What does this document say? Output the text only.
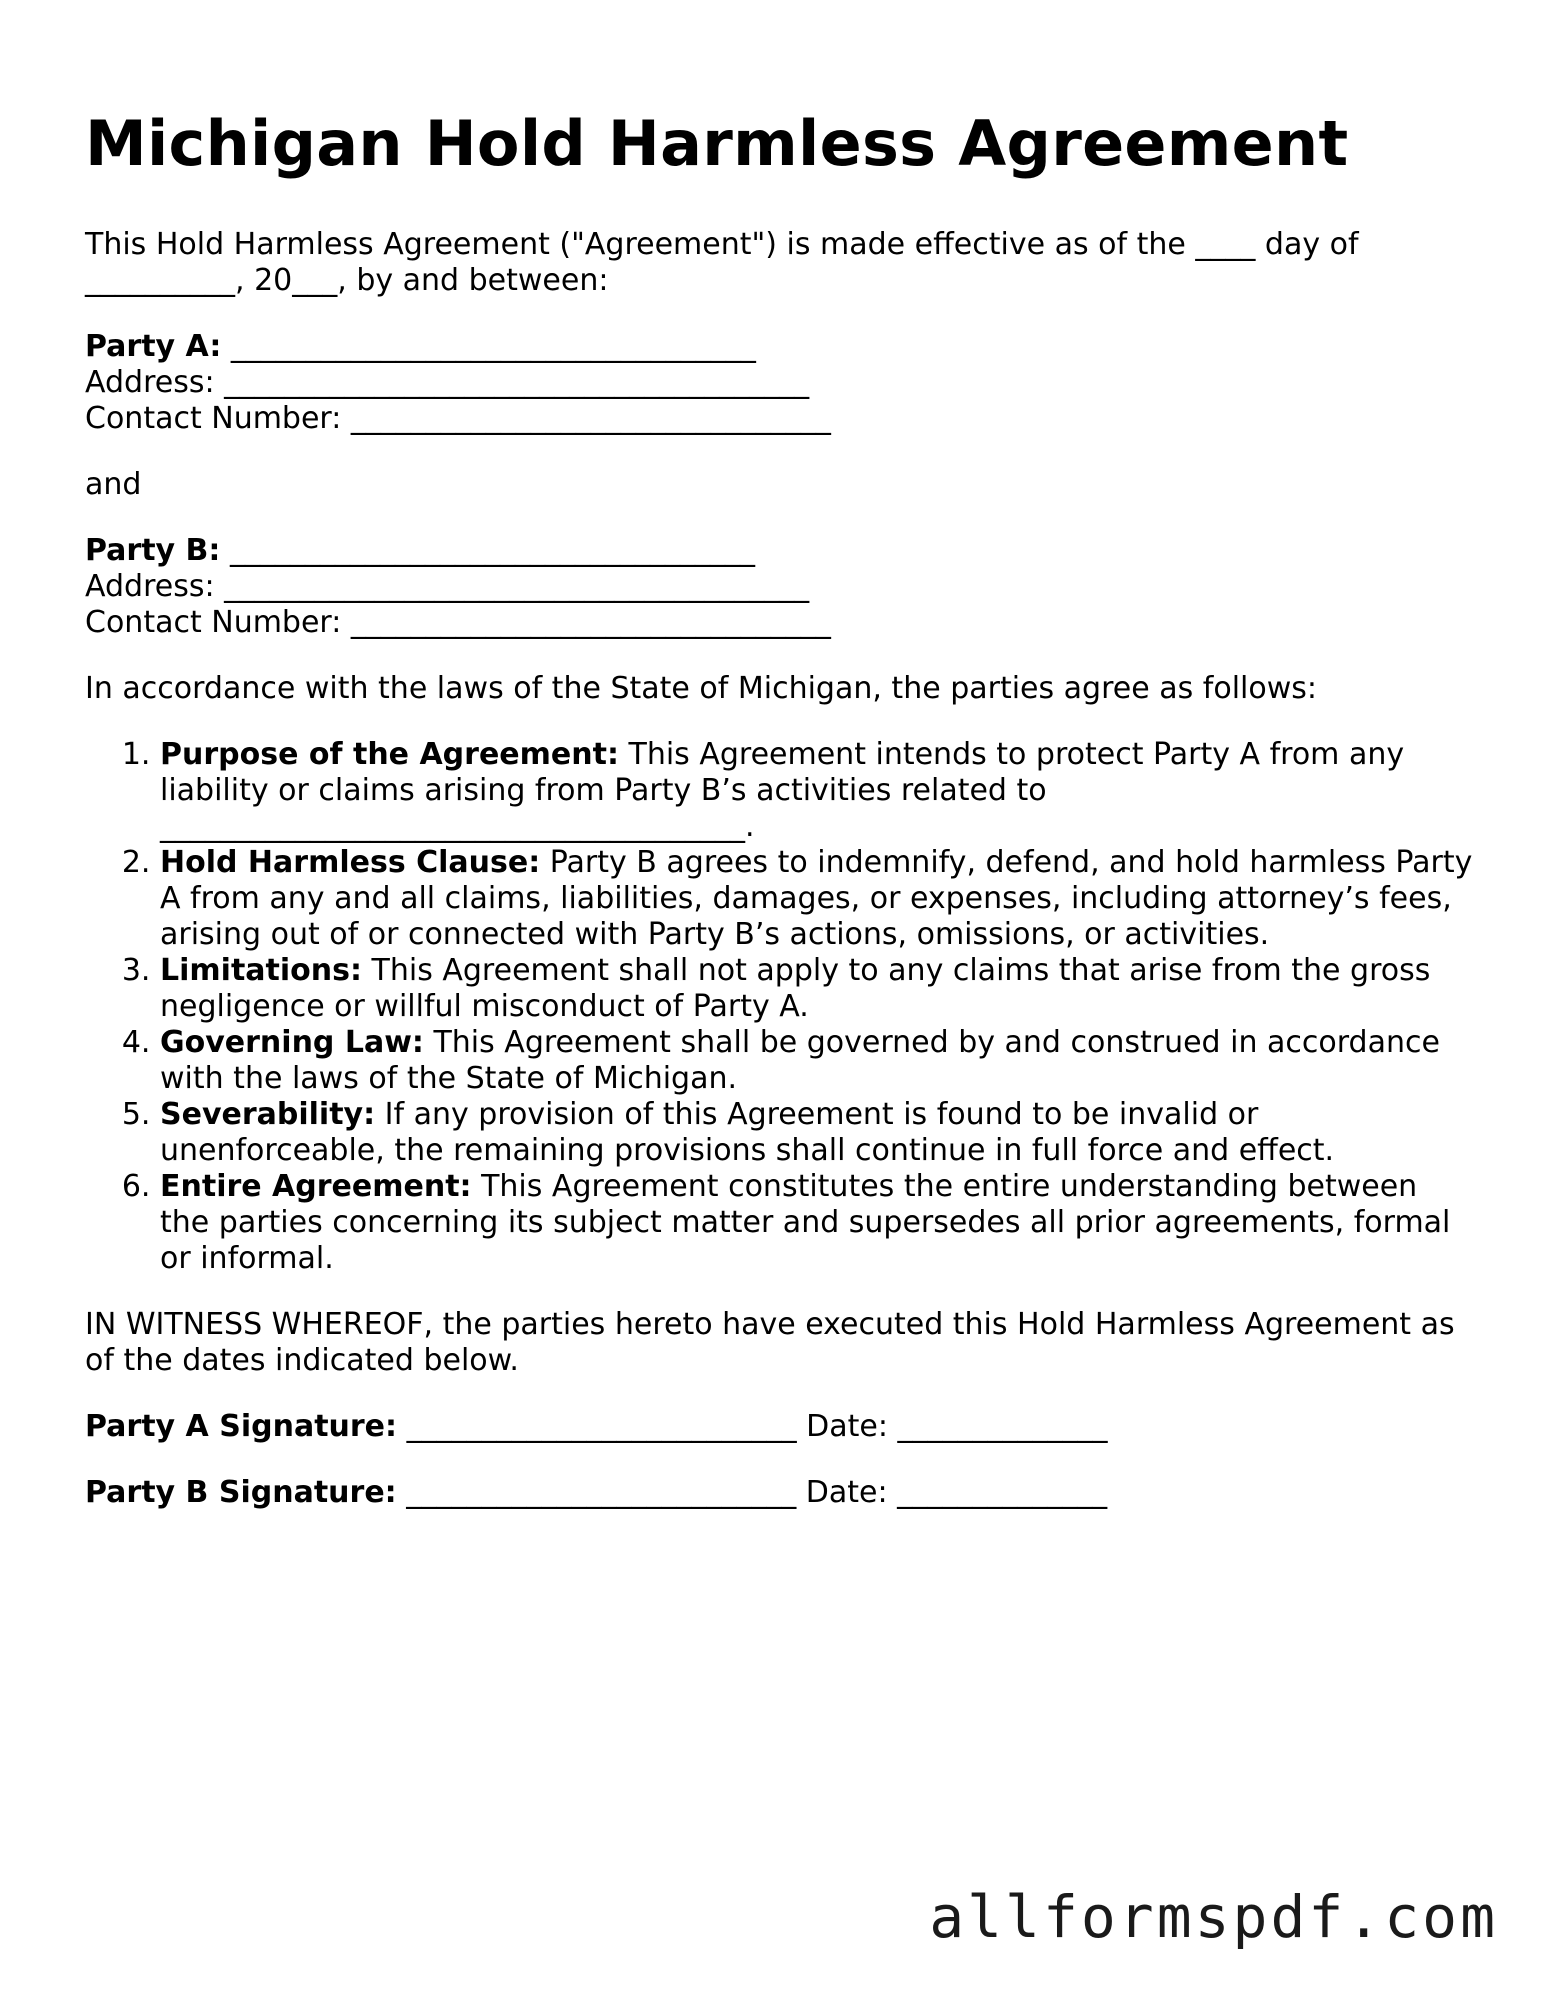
Michigan Hold Harmless Agreement

This Hold Harmless Agreement ("Agreement") is made effective as of the ____ day of __________, 20___, by and between:

Party A: ___________________________________
Address: _______________________________________
Contact Number: ________________________________

and

Party B: ___________________________________
Address: _______________________________________
Contact Number: ________________________________

In accordance with the laws of the State of Michigan, the parties agree as follows:

1. Purpose of the Agreement: This Agreement intends to protect Party A from any liability or claims arising from Party B’s activities related to _______________________________________.
2. Hold Harmless Clause: Party B agrees to indemnify, defend, and hold harmless Party A from any and all claims, liabilities, damages, or expenses, including attorney’s fees, arising out of or connected with Party B’s actions, omissions, or activities.
3. Limitations: This Agreement shall not apply to any claims that arise from the gross negligence or willful misconduct of Party A.
4. Governing Law: This Agreement shall be governed by and construed in accordance with the laws of the State of Michigan.
5. Severability: If any provision of this Agreement is found to be invalid or unenforceable, the remaining provisions shall continue in full force and effect.
6. Entire Agreement: This Agreement constitutes the entire understanding between the parties concerning its subject matter and supersedes all prior agreements, formal or informal.

IN WITNESS WHEREOF, the parties hereto have executed this Hold Harmless Agreement as of the dates indicated below.

Party A Signature: __________________________ Date: ______________
Party B Signature: __________________________ Date: ______________
allformspdf.com
